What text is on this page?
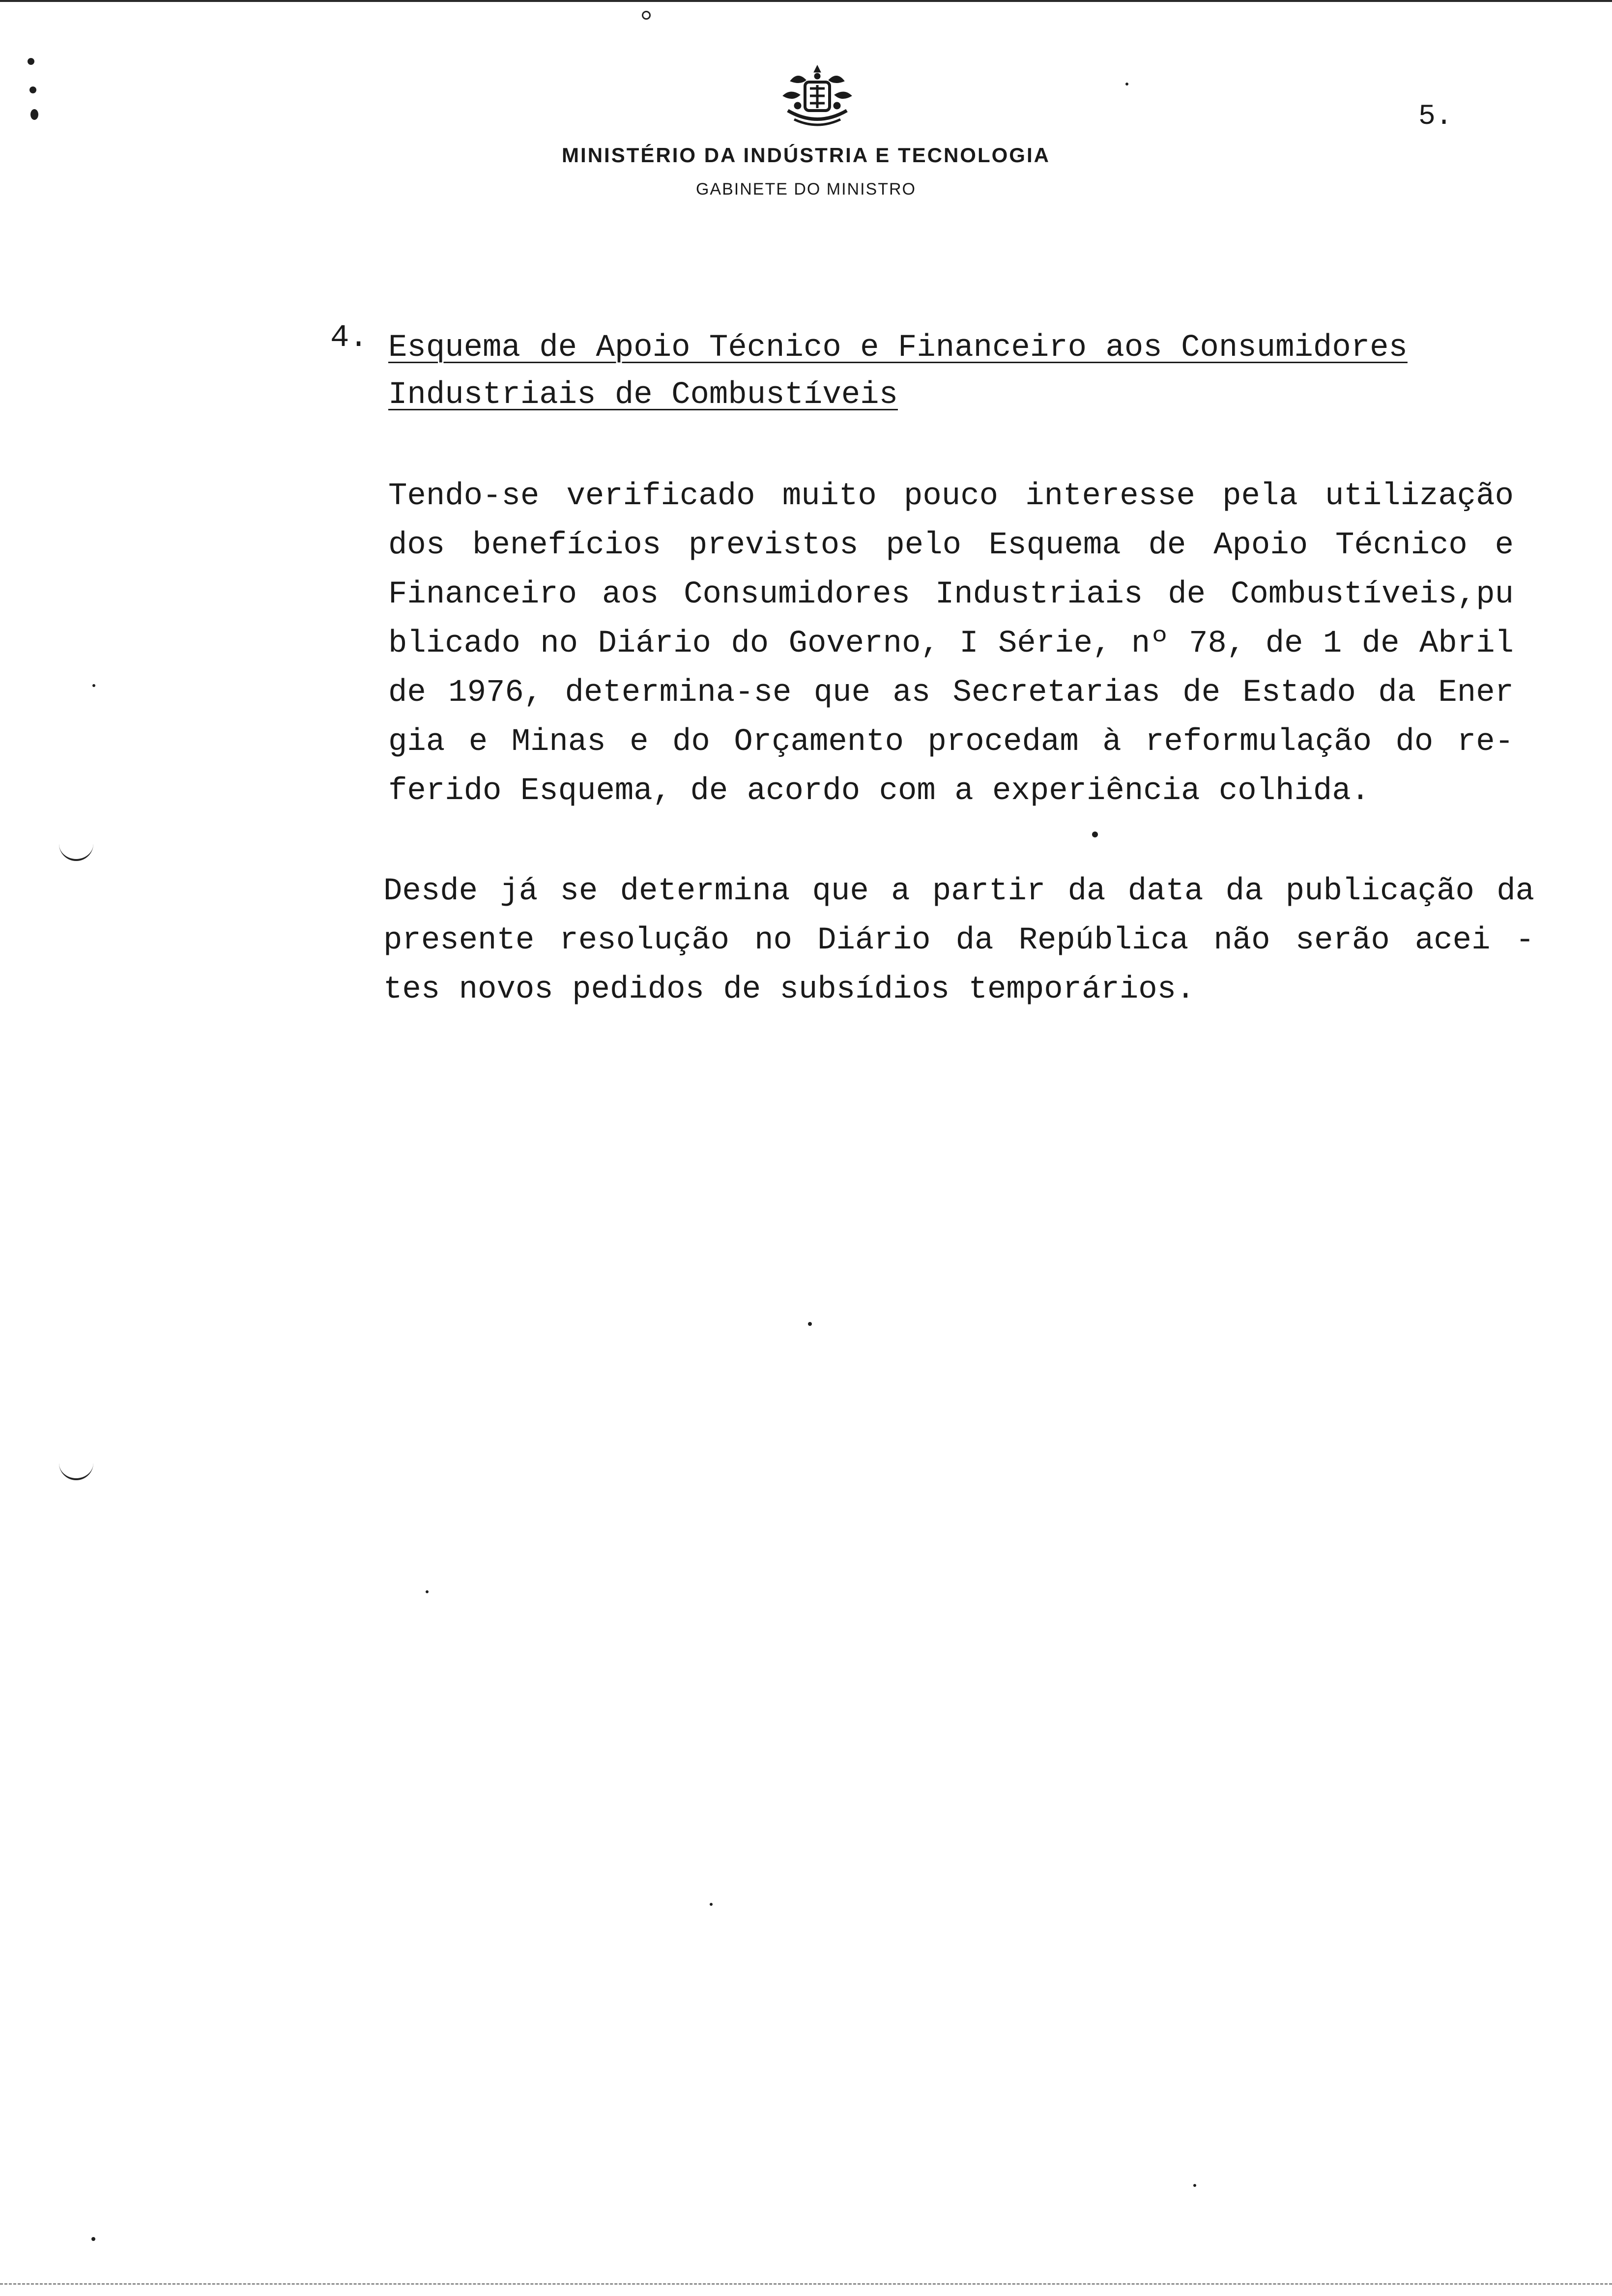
5.
MINISTÉRIO DA INDÚSTRIA E TECNOLOGIA
GABINETE DO MINISTRO
4. Esquema de Apoio Técnico e Financeiro aos Consumidores
Industriais de Combustíveis
Tendo-se verificado muito pouco interesse pela utilização
dos benefícios previstos pelo Esquema de Apoio Técnico e
Financeiro aos Consumidores Industriais de Combustíveis,pu
blicado no Diário do Governo, I Série, nº 78, de 1 de Abril
de 1976, determina-se que as Secretarias de Estado da Ener
gia e Minas e do Orçamento procedam à reformulação do re-
ferido Esquema, de acordo com a experiência colhida.
Desde já se determina que a partir da data da publicação da
presente resolução no Diário da República não serão acei -
tes novos pedidos de subsídios temporários.
